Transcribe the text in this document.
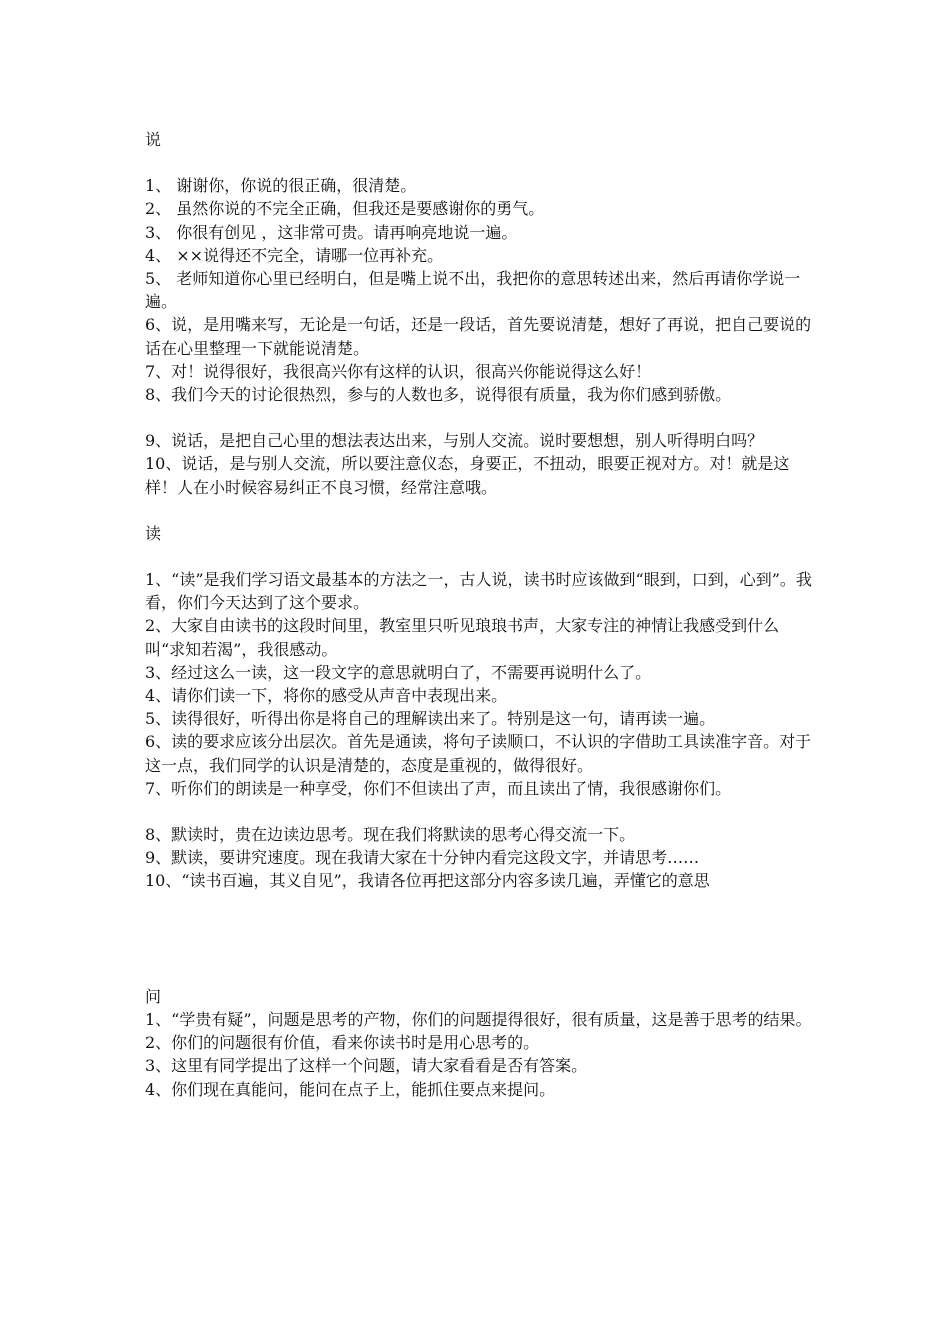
说

1、 谢谢你，你说的很正确，很清楚。

2、 虽然你说的不完全正确，但我还是要感谢你的勇气。

3、 你很有创见 ，这非常可贵。请再响亮地说一遍。

4、 ××说得还不完全，请哪一位再补充。

5、 老师知道你心里已经明白，但是嘴上说不出，我把你的意思转述出来，然后再请你学说一遍。

6、说，是用嘴来写，无论是一句话，还是一段话，首先要说清楚，想好了再说，把自己要说的话在心里整理一下就能说清楚。

7、对！说得很好，我很高兴你有这样的认识，很高兴你能说得这么好！

8、我们今天的讨论很热烈，参与的人数也多，说得很有质量，我为你们感到骄傲。

9、说话，是把自己心里的想法表达出来，与别人交流。说时要想想，别人听得明白吗？

10、说话，是与别人交流，所以要注意仪态，身要正，不扭动，眼要正视对方。对！就是这样！人在小时候容易纠正不良习惯，经常注意哦。

读

1、“读”是我们学习语文最基本的方法之一，古人说，读书时应该做到“眼到，口到，心到”。我看，你们今天达到了这个要求。

2、大家自由读书的这段时间里，教室里只听见琅琅书声，大家专注的神情让我感受到什么叫“求知若渴”，我很感动。

3、经过这么一读，这一段文字的意思就明白了，不需要再说明什么了。

4、请你们读一下，将你的感受从声音中表现出来。

5、读得很好，听得出你是将自己的理解读出来了。特别是这一句，请再读一遍。

6、读的要求应该分出层次。首先是通读，将句子读顺口，不认识的字借助工具读准字音。对于这一点，我们同学的认识是清楚的，态度是重视的，做得很好。

7、听你们的朗读是一种享受，你们不但读出了声，而且读出了情，我很感谢你们。

8、默读时，贵在边读边思考。现在我们将默读的思考心得交流一下。

9、默读，要讲究速度。现在我请大家在十分钟内看完这段文字，并请思考……

10、“读书百遍，其义自见”，我请各位再把这部分内容多读几遍，弄懂它的意思

问

1、“学贵有疑”，问题是思考的产物，你们的问题提得很好，很有质量，这是善于思考的结果。

2、你们的问题很有价值，看来你读书时是用心思考的。

3、这里有同学提出了这样一个问题，请大家看看是否有答案。

4、你们现在真能问，能问在点子上，能抓住要点来提问。
